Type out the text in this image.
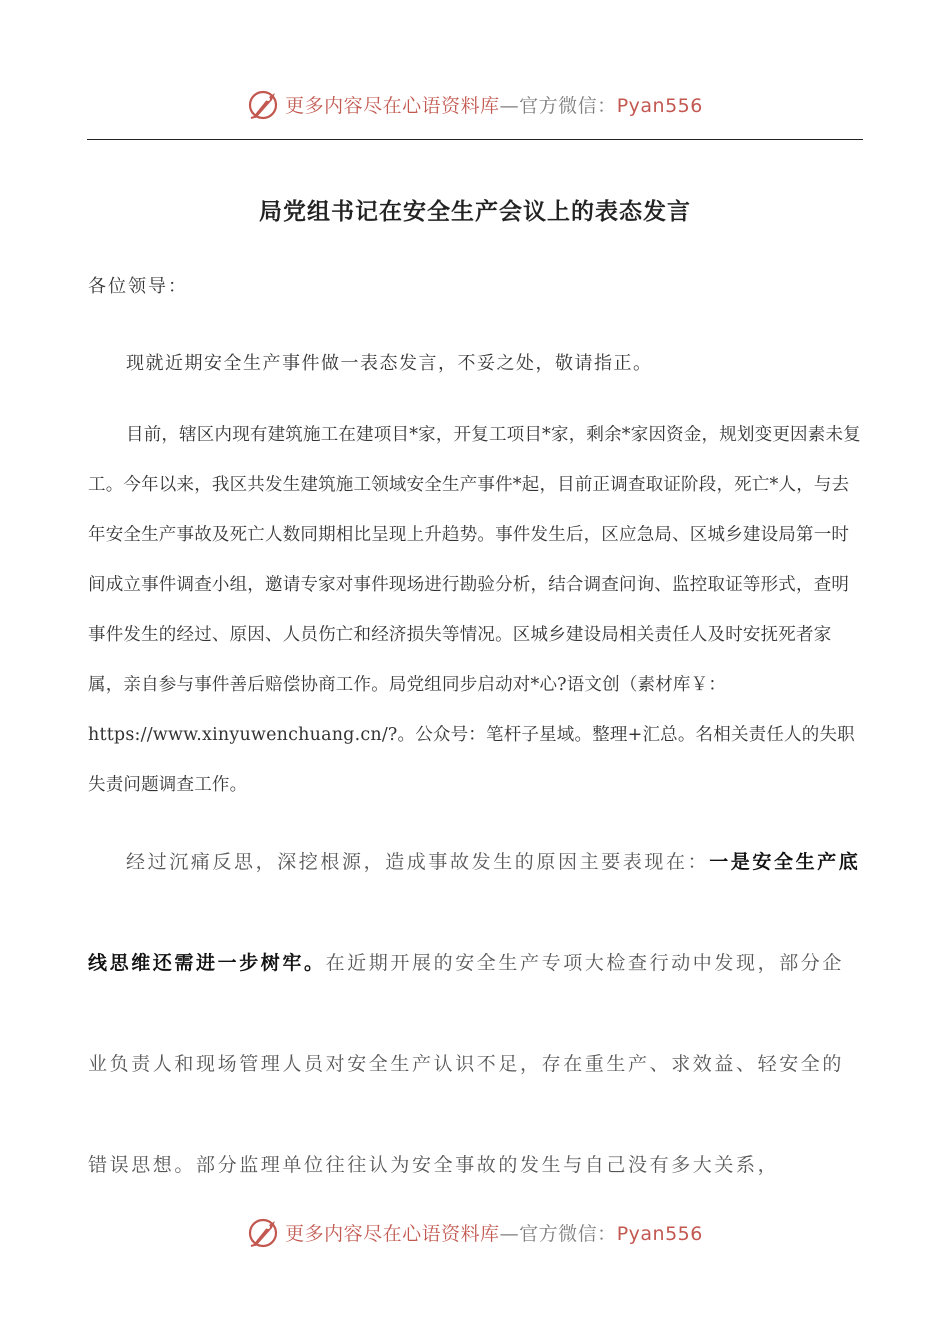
更多内容尽在心语资料库—官方微信：Pyan556
局党组书记在安全生产会议上的表态发言

各位领导：

现就近期安全生产事件做一表态发言，不妥之处，敬请指正。

目前，辖区内现有建筑施工在建项目*家，开复工项目*家，剩余*家因资金，规划变更因素未复工。今年以来，我区共发生建筑施工领域安全生产事件*起，目前正调查取证阶段，死亡*人，与去年安全生产事故及死亡人数同期相比呈现上升趋势。事件发生后，区应急局、区城乡建设局第一时间成立事件调查小组，邀请专家对事件现场进行勘验分析，结合调查问询、监控取证等形式，查明事件发生的经过、原因、人员伤亡和经济损失等情况。区城乡建设局相关责任人及时安抚死者家属，亲自参与事件善后赔偿协商工作。局党组同步启动对*心?语文创（素材库￥：https://www.xinyuwenchuang.cn/?。公众号：笔杆子星域。整理+汇总。名相关责任人的失职失责问题调查工作。

经过沉痛反思，深挖根源，造成事故发生的原因主要表现在：一是安全生产底线思维还需进一步树牢。在近期开展的安全生产专项大检查行动中发现，部分企业负责人和现场管理人员对安全生产认识不足，存在重生产、求效益、轻安全的错误思想。部分监理单位往往认为安全事故的发生与自己没有多大关系，

更多内容尽在心语资料库—官方微信：Pyan556
